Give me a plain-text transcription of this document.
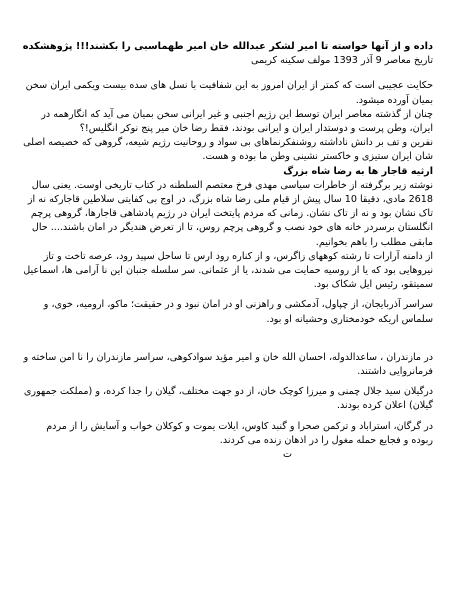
داده و از آنها خواسته تا امیر لشکر عبدالله خان امیر طهماسبی را بکشند!!! پژوهشکده

تاریخ معاصر 9 آذر 1393 مولف سکینه کریمی

حکایت عجیبی است که کمتر از ایران امروز به این شفافیت با نسل های سده بیست ویکمی ایران سخن بمیان آورده میشود.

چنان از گذشته معاصر ایران توسط این رژیم اجنبی و غیر ایرانی سخن بمیان می آید که انگارهمه در ایران، وطن پرست و دوستدار ایران و ایرانی بودند، فقط رضا خان میر پنج نوکر انگلیس!؟

نفرین و تف بر دانش ناداشته روشنفکرنماهای بی سواد و روحانیت رژیم شیعه، گروهی که خصیصه اصلی شان ایران ستیزی و خاکستر نشینی وطن ما بوده و هست.

ارثیه قاجار ها به رضا شاه بزرگ

نوشته زیر برگرفته از خاطرات سیاسی مهدی فرخ معتصم السلطنه در کتاب تاریخی اوست. یعنی سال 2618 مادی، دقیقا 10 سال پیش از قیام ملی رضا شاه بزرگ، در اوج بی کفایتی سلاطین قاجارکه نه از تاک نشان بود و نه از تاک نشان. زمانی که مردم پایتخت ایران در رژیم پادشاهی قاجارها، گروهی پرچم انگلستان برسردر خانه های خود نصب و گروهی پرچم روس، تا از تعرض هندیگر در امان باشند.... حال مابقی مطلب را باهم بخوانیم.

از دامنه آرارات تا رشته کوههای زاگرس، و از کناره رود ارس تا ساحل سپید رود، عرصه تاخت و تاز نیروهایی بود که یا از روسیه حمایت می شدند، یا از عثمانی. سر سلسله جنبان این نا آرامی ها، اسماعیل سمیتقو، رئیس ایل شکاک بود.

سراسر آذربایجان، از چپاول، آدمکشی و راهزنی او در امان نبود و در حقیقت؛ ماکو، ارومیه، خوی، و سلماس اریکه خودمختاری وحشیانه او بود.

در مازندران ، ساعدالدوله، احسان الله خان و امیر مؤید سوادکوهی، سراسر مازندران را نا امن ساخته و فرمانروایی داشتند.

درگیلان سید جلال چمنی و میرزا کوچک خان، از دو جهت مختلف، گیلان را جدا کرده، و (مملکت جمهوری گیلان) اعلان کرده بودند.

در گرگان، استراباد و ترکمن صحرا و گنبد کاوس، ایلات یموت و کوکلان خواب و آسایش را از مردم ربوده و فجایع حمله مغول را در اذهان زنده می کردند.

ت
